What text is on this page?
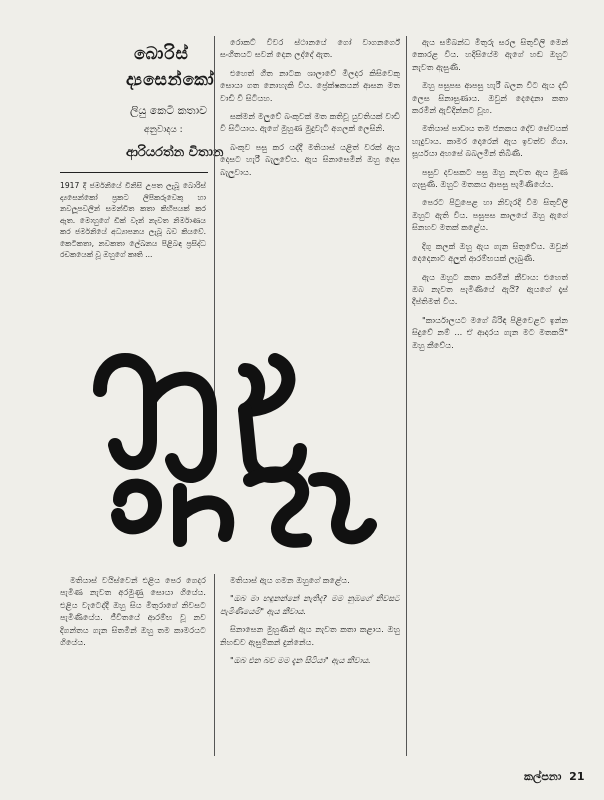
බොරිස්
ද්‍යසෙන්කෝ
ලියු කෙටි කතාව
අනුවාදය :
ආරියරත්න විතාන
1917 දී ජර්මනියේ විනිසි උපත ලැබූ බොරිස් ද්‍යසෙන්කෝ ප්‍රකට ලිපිකරුවෙකු හා නවලූපවලින් සමන්විත කතා කිහිපයක් කර ඇත. මොහුගේ ඩික් වෑන් නැවත නිර්මාණය කර ජර්මනියේ අධ්‍යාපනය ලැබූ බව කියවේ. කෙටිකතා, නවකතා ලේඛනය පිළිබඳ ප්‍රසිද්ධ රචකයෙක් වූ ඔහුගේ කෘති ...

රොකට් විවර ස්ථානයේ ගෝ වාගනර්ගේ සංගීතයට සවන් දෙන ලද්දේ ඇත.

එහෙත් ගීත නාටක ශාලාවේ මිලදර කිසිවෙකු සොයා ගත නොහැකි විය. ප්‍රේක්ෂකයන් ආසන මත වාඩි වී සිටියහ.

සක්මන් මලුවේ බංකුවක් මත කතිවූ යුවතියක් වාඩි වී සිටියාය. ඇගේ මුහුණ මුදුවැටි අගලක් ලෙසිනි.

බංකුව පසු කර යද්දී මතියාස් යළිත් වරක් ඇය දෙසට හැරී බැලුවේය. ඇය සිනාසෙමින් ඔහු දෙස බැලුවාය.

ඇය සම්බන්ධ මිතුරු සරල සිතුවිලි මෙන් කොරළ විය. හදිසියේම ඇගේ හඬ ඔහුට නැවත ඇසුණි.

ඔහු පසුපස ආපසු හැරී බලන විට ඇය දැඩි ලෙස සිනාසුණාය. ඔවුන් දෙදෙනා කතා කරමින් ඇවිදින්නට වූහ.

මතියාස් පාඩාය තම ජනකය දේව සේවයක් හැදුවාය. කාමර දොරෙන් ඇය ඉවත්ව ගියා. සූර්යයා අහසේ බබලමින් තිබිණි.

පසුව දවසකට පසු ඔහු නැවත ඇය මුණ ගැසුණි. ඔහුට මතකය ආපසු පැමිණියේය.

පෙරට පිටුපෙළ හා නිවැරදි වීම සිතුවිලි ඔහුට ඇති විය. පසුපස කාලයේ ඔහු ඇගේ සිනහව මතක් කළේය.

දිගු කලක් ඔහු ඇය ගැන සිතුවේය. ඔවුන් දෙදෙනාට අලුත් ආරම්භයක් ලැබුණි.

ඇය ඔහුට කතා කරමින් කීවාය: එහෙත් ඔබ නැවත පැමිණියේ ඇයි? ඇයගේ දෑස් දීප්තිමත් විය.

"කාර්යාලයට මගේ බිරිඳ පිළිවෙළට ඉන්න සිදුවේ නම් ... ඒ ආදරය ගැන මට මතකයි" ඔහු කීවේය.

මතියාස් වයිස්වෙන් එළිය පෙර ගෙදර පැමිණ නැවත අරමුණු සොයා ගියේය. එළිය වැටෙද්දී ඔහු සිය මිතුරාගේ නිවසට පැමිණියේය. ජීවිතයේ ආරම්භ වූ නව දිගන්තය ගැන සිතමින් ඔහු තම කාමරයට ගියේය.

මතියාස් ඇය ගමන ඔහුගේ කළේය.

"ඔබ මා හඳුනන්නේ නැතිද? මම නුඹගේ නිවසට පැමිණියෙමි" ඇය කීවාය.

සිනාසෙන මුහුණින් ඇය නැවත කතා කළාය. ඔහු නිහඬව ඇසුම්කන් දුන්නේය.

"ඔබ එන බව මම දැන සිටියා" ඇය කීවාය.

කල්පනා 21
